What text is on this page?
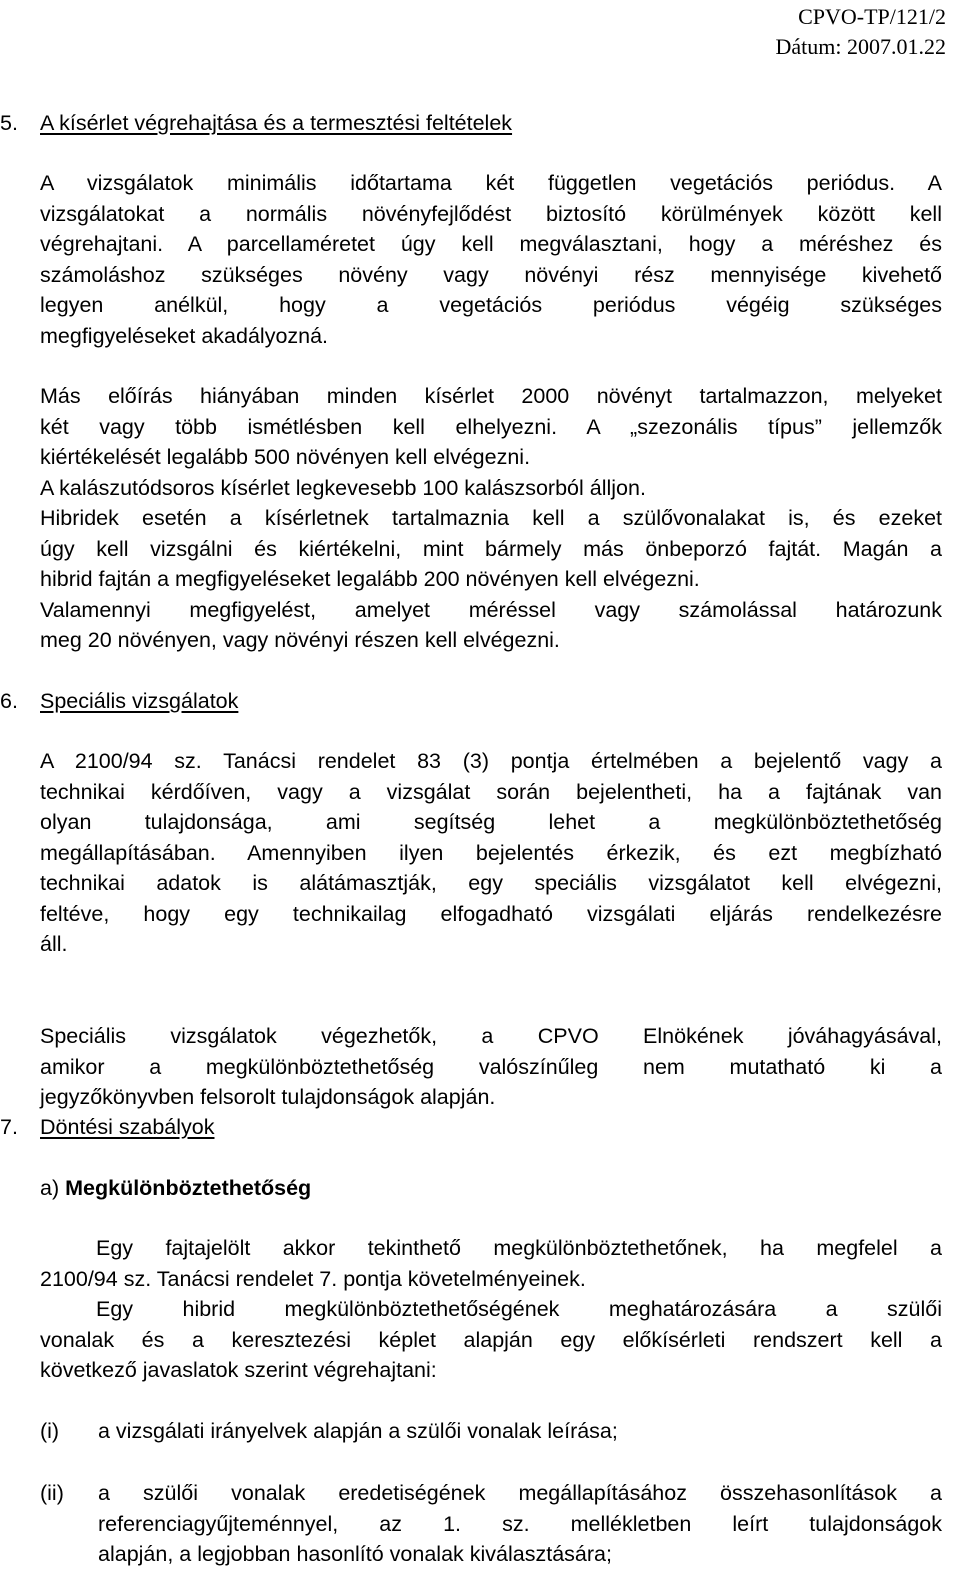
CPVO-TP/121/2
Dátum: 2007.01.22
5. A kísérlet végrehajtása és a termesztési feltételek
A vizsgálatok minimális időtartama két független vegetációs periódus. A
vizsgálatokat a normális növényfejlődést biztosító körülmények között kell
végrehajtani. A parcellaméretet úgy kell megválasztani, hogy a méréshez és
számoláshoz szükséges növény vagy növényi rész mennyisége kivehető
legyen anélkül, hogy a vegetációs periódus végéig szükséges
megfigyeléseket akadályozná.
Más előírás hiányában minden kísérlet 2000 növényt tartalmazzon, melyeket
két vagy több ismétlésben kell elhelyezni. A „szezonális típus” jellemzők
kiértékelését legalább 500 növényen kell elvégezni.
A kalászutódsoros kísérlet legkevesebb 100 kalászsorból álljon.
Hibridek esetén a kísérletnek tartalmaznia kell a szülővonalakat is, és ezeket
úgy kell vizsgálni és kiértékelni, mint bármely más önbeporzó fajtát. Magán a
hibrid fajtán a megfigyeléseket legalább 200 növényen kell elvégezni.
Valamennyi megfigyelést, amelyet méréssel vagy számolással határozunk
meg 20 növényen, vagy növényi részen kell elvégezni.
6. Speciális vizsgálatok
A 2100/94 sz. Tanácsi rendelet 83 (3) pontja értelmében a bejelentő vagy a
technikai kérdőíven, vagy a vizsgálat során bejelentheti, ha a fajtának van
olyan tulajdonsága, ami segítség lehet a megkülönböztethetőség
megállapításában. Amennyiben ilyen bejelentés érkezik, és ezt megbízható
technikai adatok is alátámasztják, egy speciális vizsgálatot kell elvégezni,
feltéve, hogy egy technikailag elfogadható vizsgálati eljárás rendelkezésre
áll.
Speciális vizsgálatok végezhetők, a CPVO Elnökének jóváhagyásával,
amikor a megkülönböztethetőség valószínűleg nem mutatható ki a
jegyzőkönyvben felsorolt tulajdonságok alapján.
7. Döntési szabályok
a) Megkülönböztethetőség
Egy fajtajelölt akkor tekinthető megkülönböztethetőnek, ha megfelel a
2100/94 sz. Tanácsi rendelet 7. pontja követelményeinek.
Egy hibrid megkülönböztethetőségének meghatározására a szülői
vonalak és a keresztezési képlet alapján egy előkísérleti rendszert kell a
következő javaslatok szerint végrehajtani:
(i) a vizsgálati irányelvek alapján a szülői vonalak leírása;
(ii) a szülői vonalak eredetiségének megállapításához összehasonlítások a
referenciagyűjteménnyel, az 1. sz. mellékletben leírt tulajdonságok
alapján, a legjobban hasonlító vonalak kiválasztására;
